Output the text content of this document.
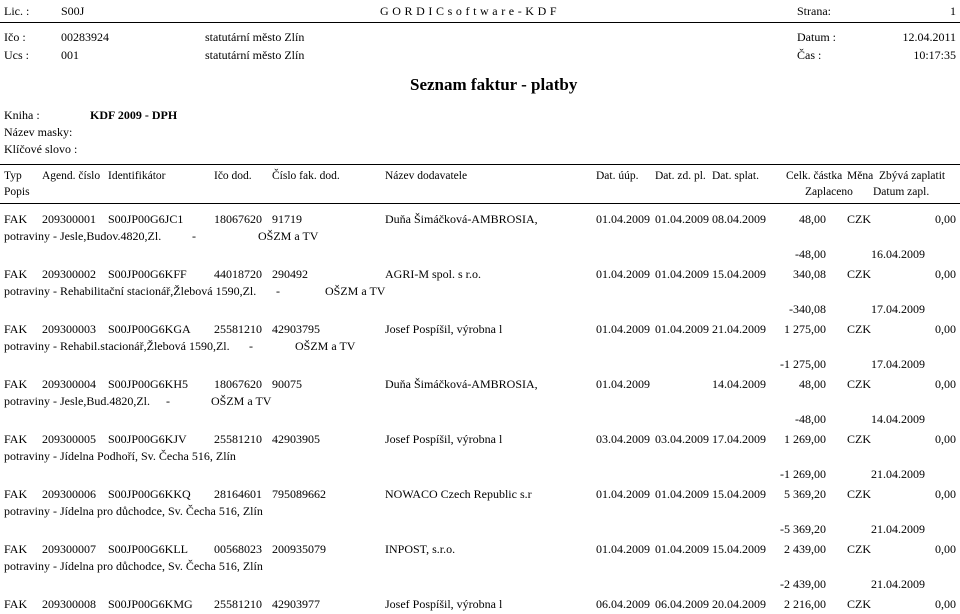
Lic. :	S00J	G O R D I C s o f t w a r e - K D F	Strana:	1
Ičo :	00283924	statutární město Zlín	Datum :	12.04.2011
Ucs :	001	statutární město Zlín	Čas :	10:17:35
Seznam faktur - platby
Kniha :	KDF 2009 - DPH
Název masky:
Klíčové slovo :
Typ Agend. číslo Identifikátor	Ičo dod. Číslo fak. dod.	Název dodavatele	Dat. úúp. Dat. zd. pl. Dat. splat. Celk. částka Měna Zbývá zaplatit
Popis	Zaplaceno Datum zapl.
FAK 209300001 S00JP00G6JC1	18067620 91719	Duňa Šimáčková-AMBROSIA,	01.04.2009 01.04.2009 08.04.2009	48,00 CZK	0,00
potraviny - Jesle,Budov.4820,Zl.	-	OŠZM a TV
-48,00	16.04.2009
FAK 209300002 S00JP00G6KFF 44018720 290492	AGRI-M spol. s r.o.	01.04.2009 01.04.2009 15.04.2009	340,08 CZK	0,00
potraviny - Rehabilitační stacionář,Žlebová 1590,Zl. -	OŠZM a TV
-340,08	17.04.2009
FAK 209300003 S00JP00G6KGA 25581210 42903795	Josef Pospíšil, výrobna l	01.04.2009 01.04.2009 21.04.2009	1 275,00 CZK	0,00
potraviny - Rehabil.stacionář,Žlebová 1590,Zl. -	OŠZM a TV
-1 275,00	17.04.2009
FAK 209300004 S00JP00G6KH5 18067620 90075	Duňa Šimáčková-AMBROSIA,	01.04.2009	14.04.2009	48,00 CZK	0,00
potraviny - Jesle,Bud.4820,Zl. -	OŠZM a TV
-48,00	14.04.2009
FAK 209300005 S00JP00G6KJV 25581210 42903905	Josef Pospíšil, výrobna l	03.04.2009 03.04.2009 17.04.2009	1 269,00 CZK	0,00
potraviny - Jídelna Podhoří, Sv. Čecha 516, Zlín
-1 269,00	21.04.2009
FAK 209300006 S00JP00G6KKQ 28164601 795089662	NOWACO Czech Republic s.r	01.04.2009 01.04.2009 15.04.2009	5 369,20 CZK	0,00
potraviny - Jídelna pro důchodce, Sv. Čecha 516, Zlín
-5 369,20	21.04.2009
FAK 209300007 S00JP00G6KLL 00568023 200935079	INPOST, s.r.o.	01.04.2009 01.04.2009 15.04.2009	2 439,00 CZK	0,00
potraviny - Jídelna pro důchodce, Sv. Čecha 516, Zlín
-2 439,00	21.04.2009
FAK 209300008 S00JP00G6KMG 25581210 42903977	Josef Pospíšil, výrobna l	06.04.2009 06.04.2009 20.04.2009	2 216,00 CZK	0,00
